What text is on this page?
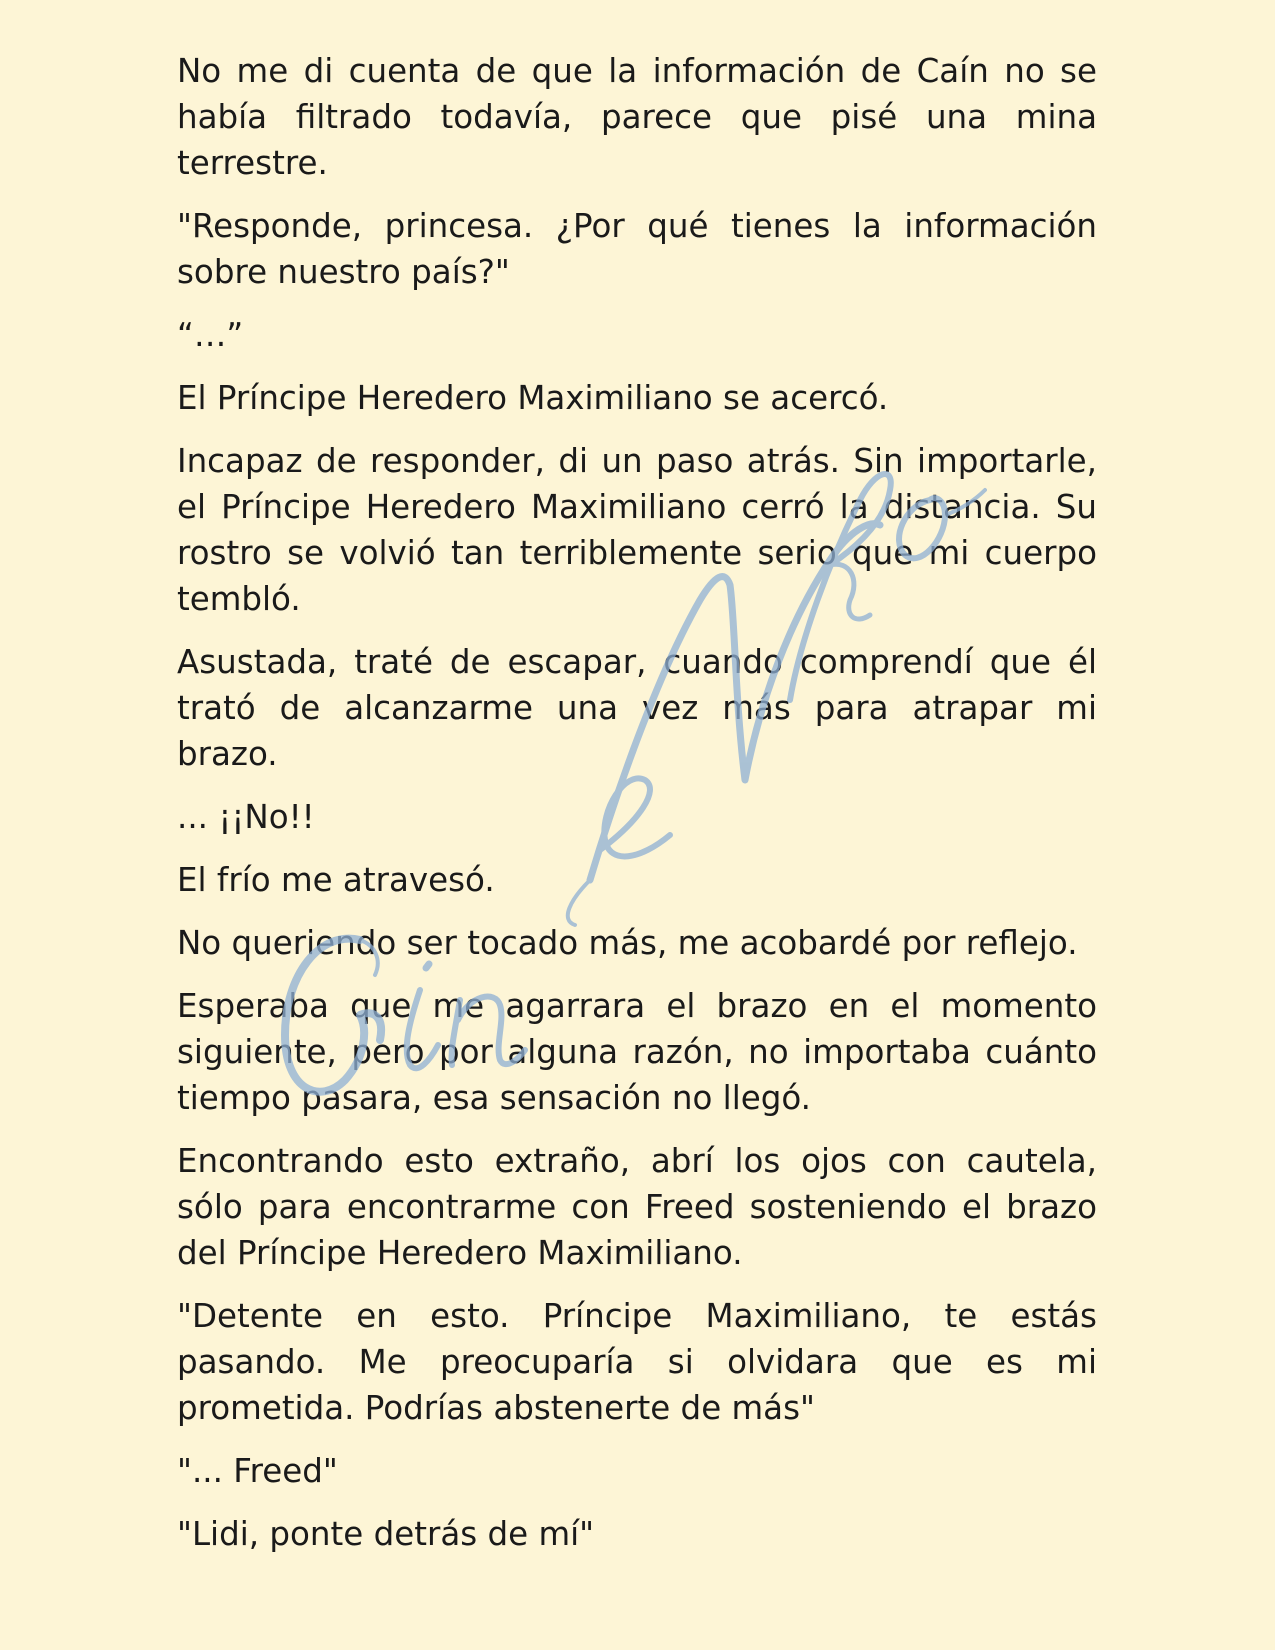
No me di cuenta de que la información de Caín no se había filtrado todavía, parece que pisé una mina terrestre.

"Responde, princesa. ¿Por qué tienes la información sobre nuestro país?"

“…”

El Príncipe Heredero Maximiliano se acercó.

Incapaz de responder, di un paso atrás. Sin importarle, el Príncipe Heredero Maximiliano cerró la distancia. Su rostro se volvió tan terriblemente serio que mi cuerpo tembló.

Asustada, traté de escapar, cuando comprendí que él trató de alcanzarme una vez más para atrapar mi brazo.

... ¡¡No!!

El frío me atravesó.

No queriendo ser tocado más, me acobardé por reflejo.

Esperaba que me agarrara el brazo en el momento siguiente, pero por alguna razón, no importaba cuánto tiempo pasara, esa sensación no llegó.

Encontrando esto extraño, abrí los ojos con cautela, sólo para encontrarme con Freed sosteniendo el brazo del Príncipe Heredero Maximiliano.

"Detente en esto. Príncipe Maximiliano, te estás pasando. Me preocuparía si olvidara que es mi prometida. Podrías abstenerte de más"

"... Freed"

"Lidi, ponte detrás de mí"
